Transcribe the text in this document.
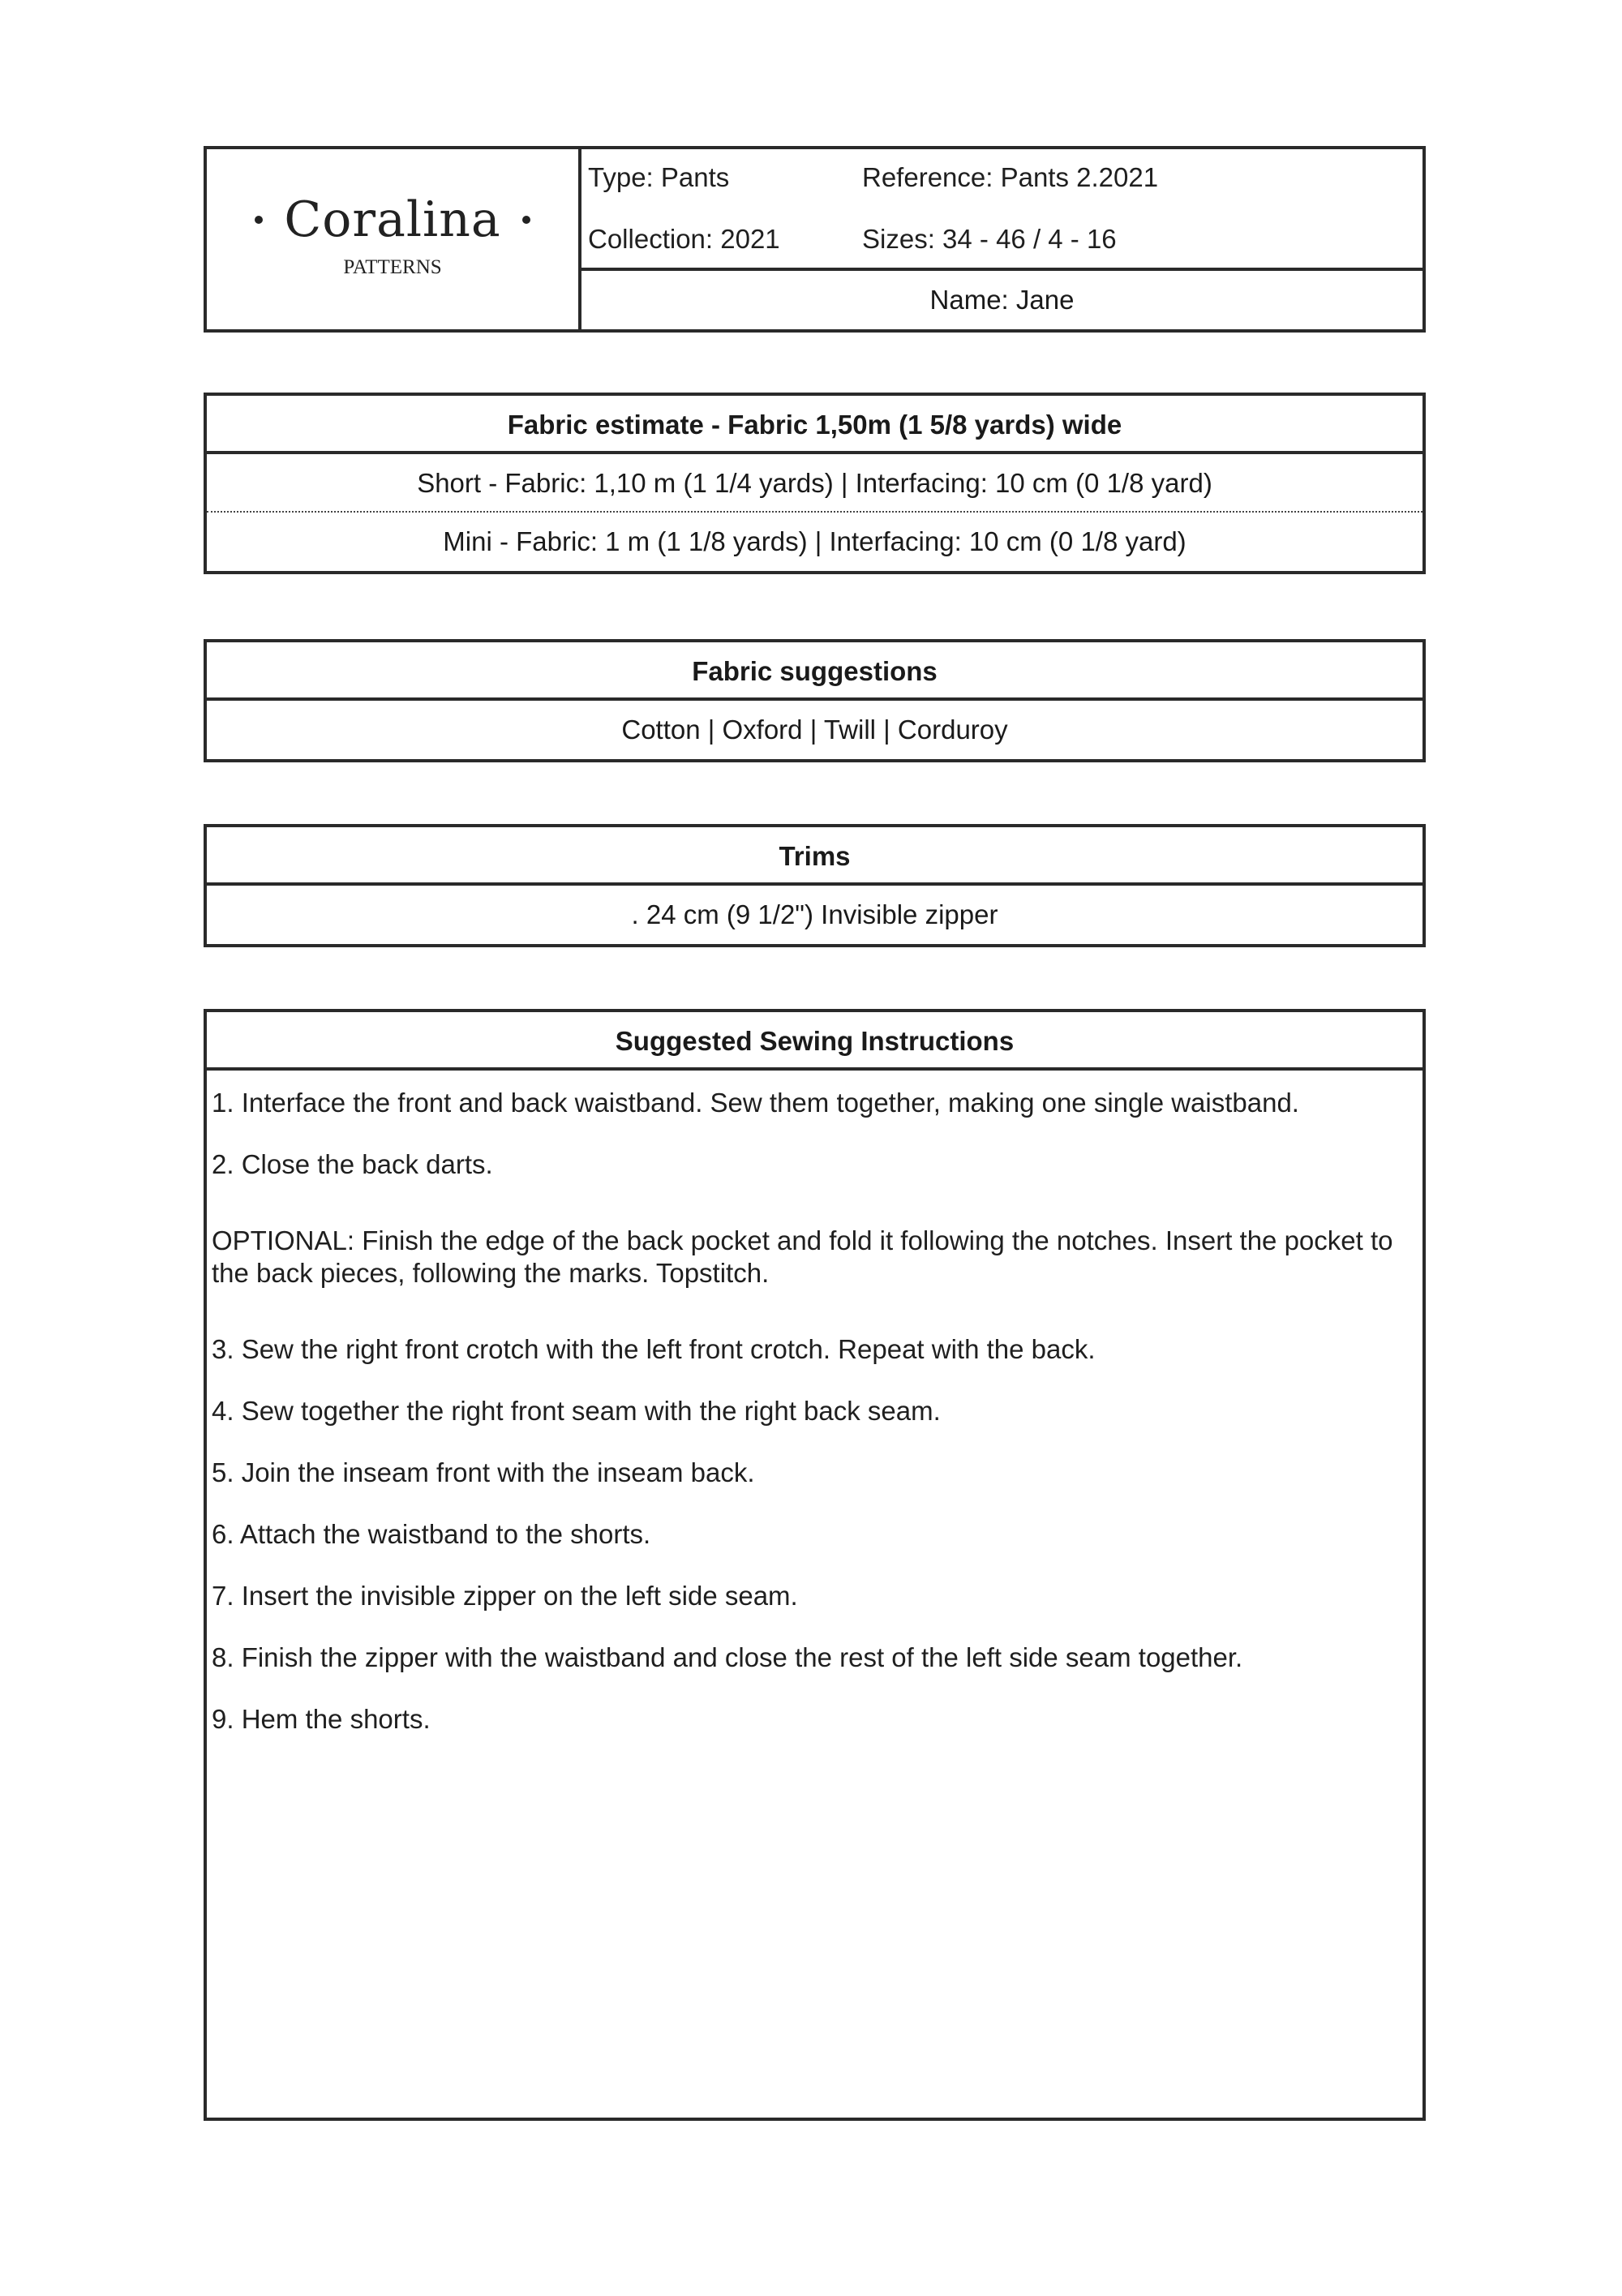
Coralina
PATTERNS
Type: Pants	Reference: Pants 2.2021
Collection: 2021	Sizes: 34 - 46 / 4 - 16
Name: Jane
Fabric estimate - Fabric 1,50m (1 5/8 yards) wide
Short - Fabric: 1,10 m (1 1/4 yards) | Interfacing: 10 cm (0 1/8 yard)
Mini - Fabric: 1 m (1 1/8 yards) | Interfacing: 10 cm (0 1/8 yard)
Fabric suggestions
Cotton | Oxford | Twill | Corduroy
Trims
. 24 cm (9 1/2") Invisible zipper
Suggested Sewing Instructions
1. Interface the front and back waistband. Sew them together, making one single waistband.
2. Close the back darts.
OPTIONAL: Finish the edge of the back pocket and fold it following the notches. Insert the pocket to the back pieces, following the marks. Topstitch.
3. Sew the right front crotch with the left front crotch. Repeat with the back.
4. Sew together the right front seam with the right back seam.
5. Join the inseam front with the inseam back.
6. Attach the waistband to the shorts.
7. Insert the invisible zipper on the left side seam.
8. Finish the zipper with the waistband and close the rest of the left side seam together.
9. Hem the shorts.
